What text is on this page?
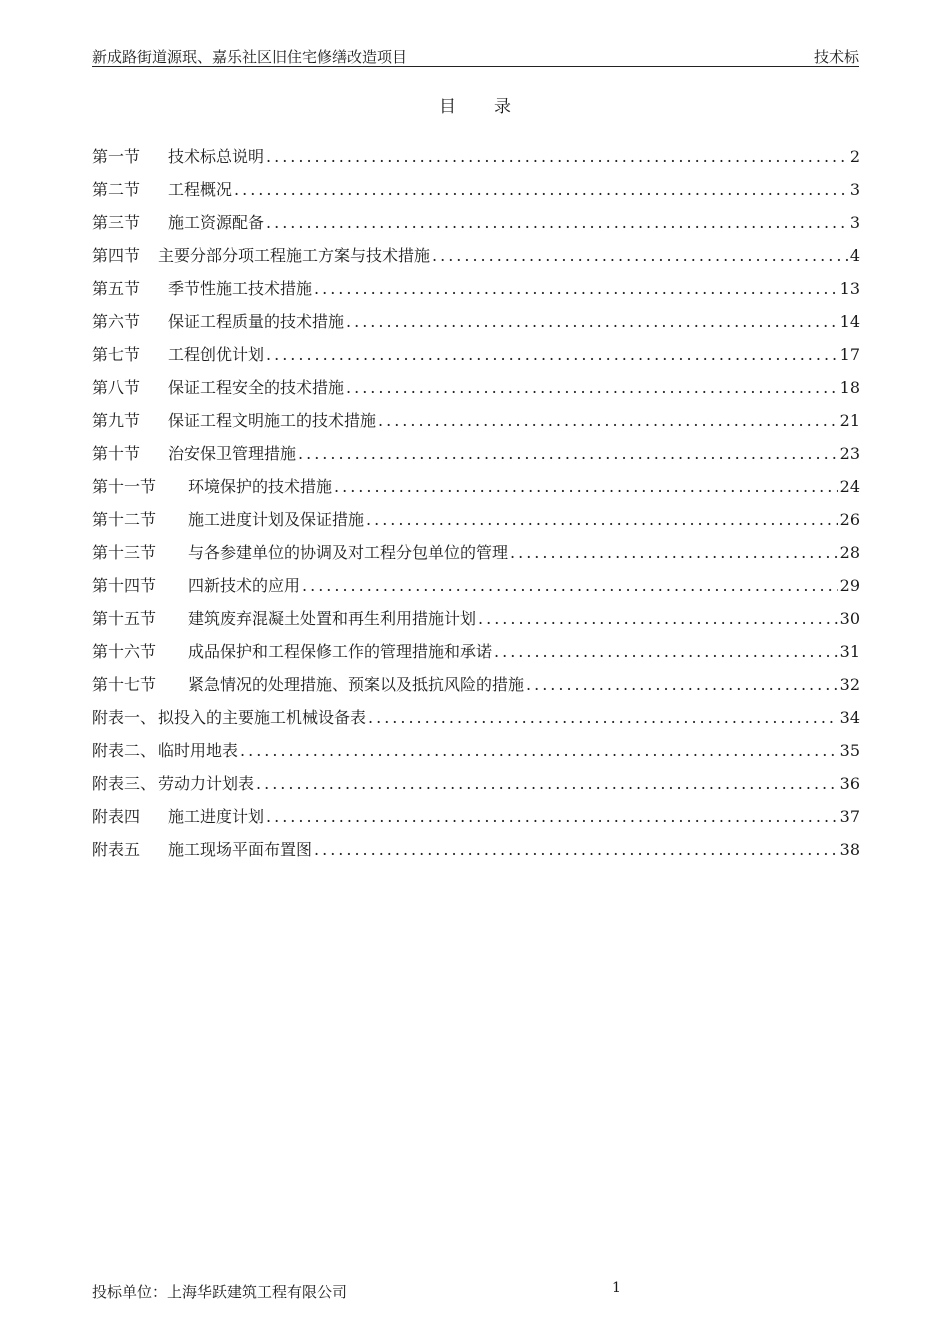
新成路街道源珉、嘉乐社区旧住宅修缮改造项目	技术标
目录
第一节	技术标总说明 .....	2
第二节	工程概况 .....	3
第三节	施工资源配备 .....	3
第四节	主要分部分项工程施工方案与技术措施 .....	4
第五节	季节性施工技术措施 .....	13
第六节	保证工程质量的技术措施 .....	14
第七节	工程创优计划 .....	17
第八节	保证工程安全的技术措施 .....	18
第九节	保证工程文明施工的技术措施 .....	21
第十节	治安保卫管理措施 .....	23
第十一节	环境保护的技术措施 .....	24
第十二节	施工进度计划及保证措施 .....	26
第十三节	与各参建单位的协调及对工程分包单位的管理 .....	28
第十四节	四新技术的应用 .....	29
第十五节	建筑废弃混凝土处置和再生利用措施计划 .....	30
第十六节	成品保护和工程保修工作的管理措施和承诺 .....	31
第十七节	紧急情况的处理措施、预案以及抵抗风险的措施 .....	32
附表一、 拟投入的主要施工机械设备表 .....	34
附表二、 临时用地表 .....	35
附表三、 劳动力计划表 .....	36
附表四	施工进度计划 .....	37
附表五	施工现场平面布置图 .....	38
投标单位：上海华跃建筑工程有限公司	1
